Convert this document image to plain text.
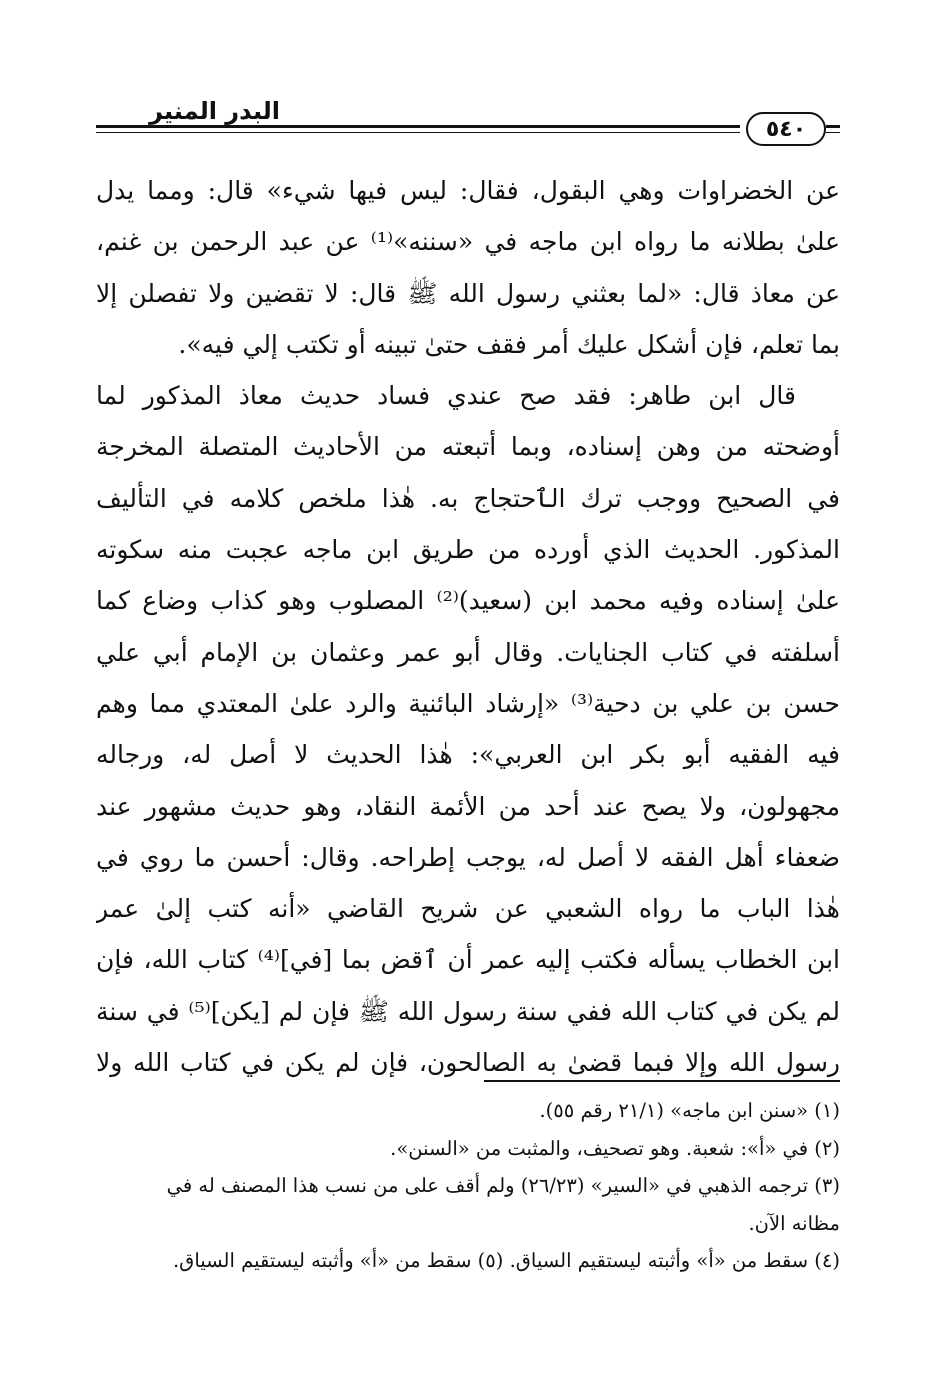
البدر المنير
٥٤٠
عن الخضراوات وهي البقول، فقال: ليس فيها شيء» قال: ومما يدل
علىٰ بطلانه ما رواه ابن ماجه في «سننه»⁽¹⁾ عن عبد الرحمن بن غنم،
عن معاذ قال: «لما بعثني رسول الله ﷺ قال: لا تقضين ولا تفصلن إلا
بما تعلم، فإن أشكل عليك أمر فقف حتىٰ تبينه أو تكتب إلي فيه».
قال ابن طاهر: فقد صح عندي فساد حديث معاذ المذكور لما
أوضحته من وهن إسناده، وبما أتبعته من الأحاديث المتصلة المخرجة
في الصحيح ووجب ترك الٱحتجاج به. هٰذا ملخص كلامه في التأليف
المذكور. الحديث الذي أورده من طريق ابن ماجه عجبت منه سكوته
علىٰ إسناده وفيه محمد ابن (سعيد)⁽²⁾ المصلوب وهو كذاب وضاع كما
أسلفته في كتاب الجنايات. وقال أبو عمر وعثمان بن الإمام أبي علي
حسن بن علي بن دحية⁽³⁾ «إرشاد البائنية والرد علىٰ المعتدي مما وهم
فيه الفقيه أبو بكر ابن العربي»: هٰذا الحديث لا أصل له، ورجاله
مجهولون، ولا يصح عند أحد من الأئمة النقاد، وهو حديث مشهور عند
ضعفاء أهل الفقه لا أصل له، يوجب إطراحه. وقال: أحسن ما روي في
هٰذا الباب ما رواه الشعبي عن شريح القاضي «أنه كتب إلىٰ عمر
ابن الخطاب يسأله فكتب إليه عمر أن ٱقض بما [في]⁽⁴⁾ كتاب الله، فإن
لم يكن في كتاب الله ففي سنة رسول الله ﷺ فإن لم [يكن]⁽⁵⁾ في سنة
رسول الله وإلا فبما قضىٰ به الصالحون، فإن لم يكن في كتاب الله ولا
(١) «سنن ابن ماجه» (٢١/١ رقم ٥٥).
(٢) في «أ»: شعبة. وهو تصحيف، والمثبت من «السنن».
(٣) ترجمه الذهبي في «السير» (٢٦/٢٣) ولم أقف على من نسب هذا المصنف له في
مظانه الآن.
(٤) سقط من «أ» وأثبته ليستقيم السياق. (٥) سقط من «أ» وأثبته ليستقيم السياق.
